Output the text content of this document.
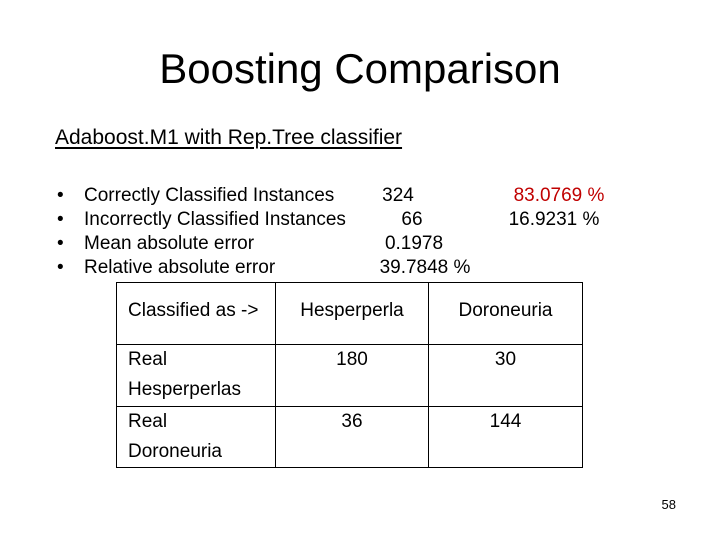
Boosting Comparison
Adaboost.M1 with Rep.Tree classifier
• Correctly Classified Instances	324	83.0769 %
• Incorrectly Classified Instances	66	16.9231 %
• Mean absolute error	0.1978
• Relative absolute error	39.7848 %
Classified as ->	Hesperperla	Doroneuria
Real Hesperperlas	180	30
Real Doroneuria	36	144
58
